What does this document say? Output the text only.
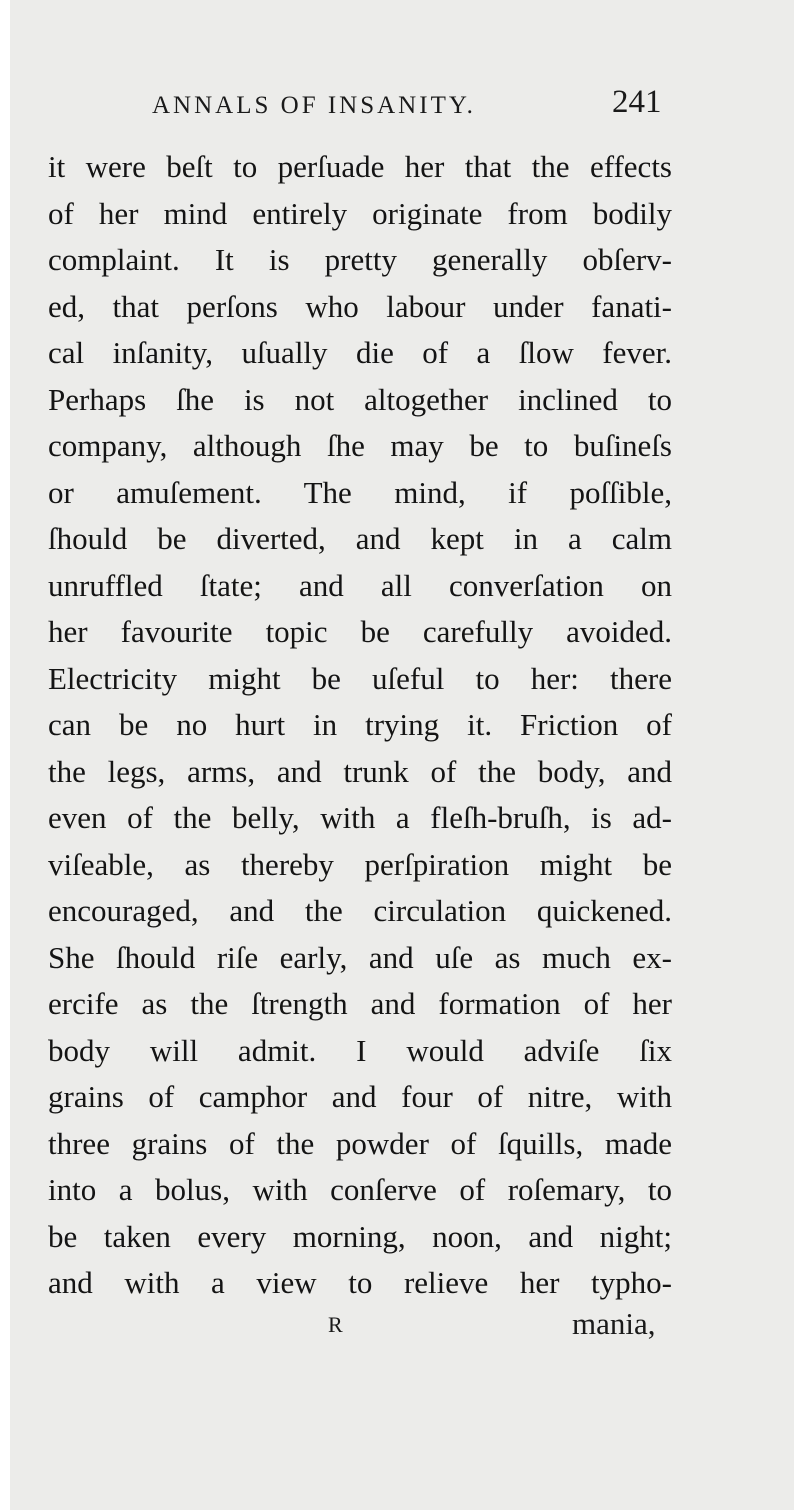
ANNALS OF INSANITY.	241
it were beſt to perſuade her that the effects
of her mind entirely originate from bodily
complaint. It is pretty generally obſerv-
ed, that perſons who labour under fanati-
cal inſanity, uſually die of a ſlow fever.
Perhaps ſhe is not altogether inclined to
company, although ſhe may be to buſineſs
or amuſement. The mind, if poſſible,
ſhould be diverted, and kept in a calm
unruffled ſtate; and all converſation on
her favourite topic be carefully avoided.
Electricity might be uſeful to her: there
can be no hurt in trying it. Friction of
the legs, arms, and trunk of the body, and
even of the belly, with a fleſh-bruſh, is ad-
viſeable, as thereby perſpiration might be
encouraged, and the circulation quickened.
She ſhould riſe early, and uſe as much ex-
ercife as the ſtrength and formation of her
body will admit. I would adviſe ſix
grains of camphor and four of nitre, with
three grains of the powder of ſquills, made
into a bolus, with conſerve of roſemary, to
be taken every morning, noon, and night;
and with a view to relieve her typho-
R	mania,
